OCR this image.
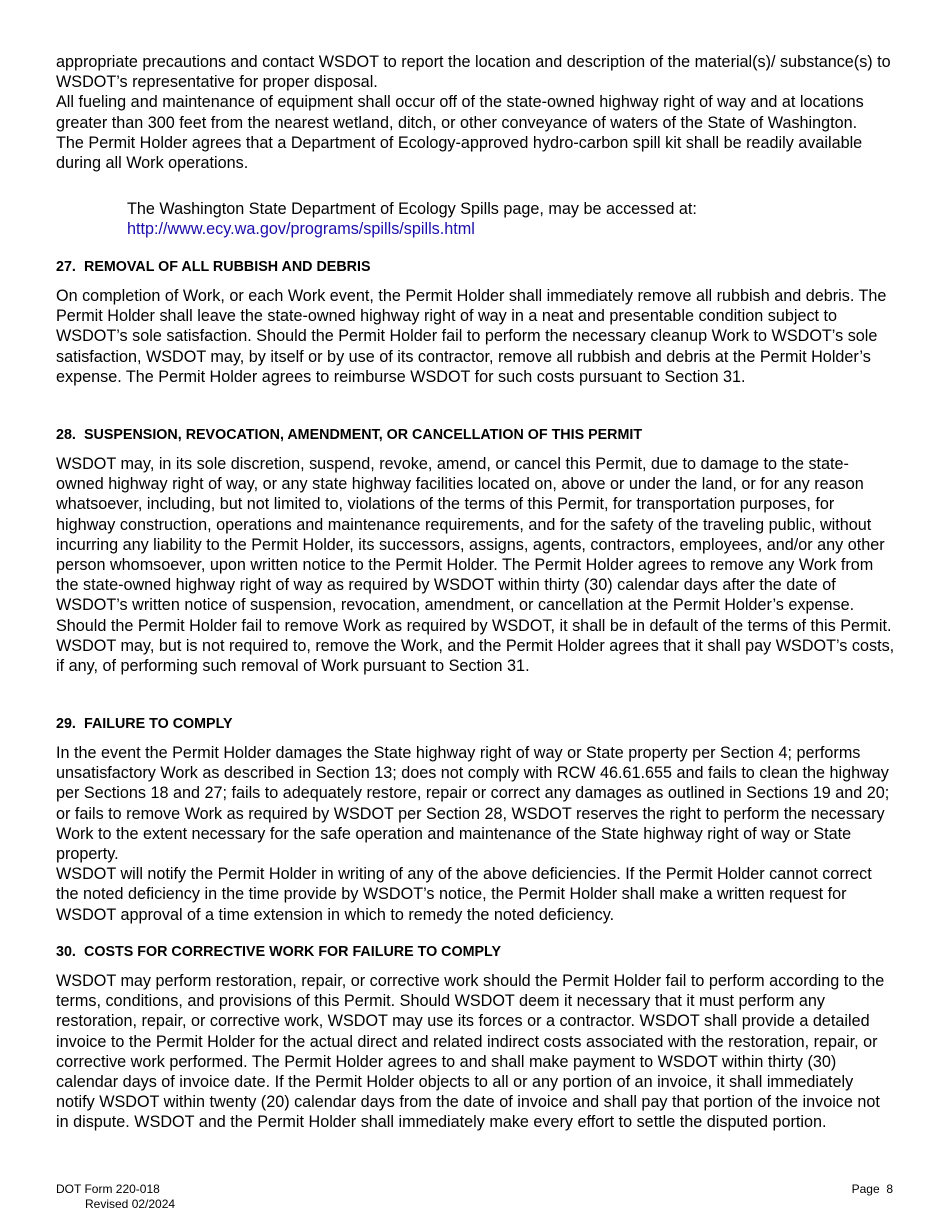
appropriate precautions and contact WSDOT to report the location and description of the material(s)/ substance(s) to WSDOT’s representative for proper disposal.
All fueling and maintenance of equipment shall occur off of the state-owned highway right of way and at locations greater than 300 feet from the nearest wetland, ditch, or other conveyance of waters of the State of Washington.
The Permit Holder agrees that a Department of Ecology-approved hydro-carbon spill kit shall be readily available during all Work operations.

The Washington State Department of Ecology Spills page, may be accessed at:
http://www.ecy.wa.gov/programs/spills/spills.html
27. REMOVAL OF ALL RUBBISH AND DEBRIS

On completion of Work, or each Work event, the Permit Holder shall immediately remove all rubbish and debris. The Permit Holder shall leave the state-owned highway right of way in a neat and presentable condition subject to WSDOT’s sole satisfaction. Should the Permit Holder fail to perform the necessary cleanup Work to WSDOT’s sole satisfaction, WSDOT may, by itself or by use of its contractor, remove all rubbish and debris at the Permit Holder’s expense. The Permit Holder agrees to reimburse WSDOT for such costs pursuant to Section 31.

28. SUSPENSION, REVOCATION, AMENDMENT, OR CANCELLATION OF THIS PERMIT

WSDOT may, in its sole discretion, suspend, revoke, amend, or cancel this Permit, due to damage to the state-owned highway right of way, or any state highway facilities located on, above or under the land, or for any reason whatsoever, including, but not limited to, violations of the terms of this Permit, for transportation purposes, for highway construction, operations and maintenance requirements, and for the safety of the traveling public, without incurring any liability to the Permit Holder, its successors, assigns, agents, contractors, employees, and/or any other person whomsoever, upon written notice to the Permit Holder. The Permit Holder agrees to remove any Work from the state-owned highway right of way as required by WSDOT within thirty (30) calendar days after the date of WSDOT’s written notice of suspension, revocation, amendment, or cancellation at the Permit Holder’s expense. Should the Permit Holder fail to remove Work as required by WSDOT, it shall be in default of the terms of this Permit. WSDOT may, but is not required to, remove the Work, and the Permit Holder agrees that it shall pay WSDOT’s costs, if any, of performing such removal of Work pursuant to Section 31.

29. FAILURE TO COMPLY

In the event the Permit Holder damages the State highway right of way or State property per Section 4; performs unsatisfactory Work as described in Section 13; does not comply with RCW 46.61.655 and fails to clean the highway per Sections 18 and 27; fails to adequately restore, repair or correct any damages as outlined in Sections 19 and 20; or fails to remove Work as required by WSDOT per Section 28, WSDOT reserves the right to perform the necessary Work to the extent necessary for the safe operation and maintenance of the State highway right of way or State property.
WSDOT will notify the Permit Holder in writing of any of the above deficiencies. If the Permit Holder cannot correct the noted deficiency in the time provide by WSDOT’s notice, the Permit Holder shall make a written request for WSDOT approval of a time extension in which to remedy the noted deficiency.

30. COSTS FOR CORRECTIVE WORK FOR FAILURE TO COMPLY

WSDOT may perform restoration, repair, or corrective work should the Permit Holder fail to perform according to the terms, conditions, and provisions of this Permit. Should WSDOT deem it necessary that it must perform any restoration, repair, or corrective work, WSDOT may use its forces or a contractor. WSDOT shall provide a detailed invoice to the Permit Holder for the actual direct and related indirect costs associated with the restoration, repair, or corrective work performed. The Permit Holder agrees to and shall make payment to WSDOT within thirty (30) calendar days of invoice date. If the Permit Holder objects to all or any portion of an invoice, it shall immediately notify WSDOT within twenty (20) calendar days from the date of invoice and shall pay that portion of the invoice not in dispute. WSDOT and the Permit Holder shall immediately make every effort to settle the disputed portion.

DOT Form 220-018
Revised 02/2024
Page  8
